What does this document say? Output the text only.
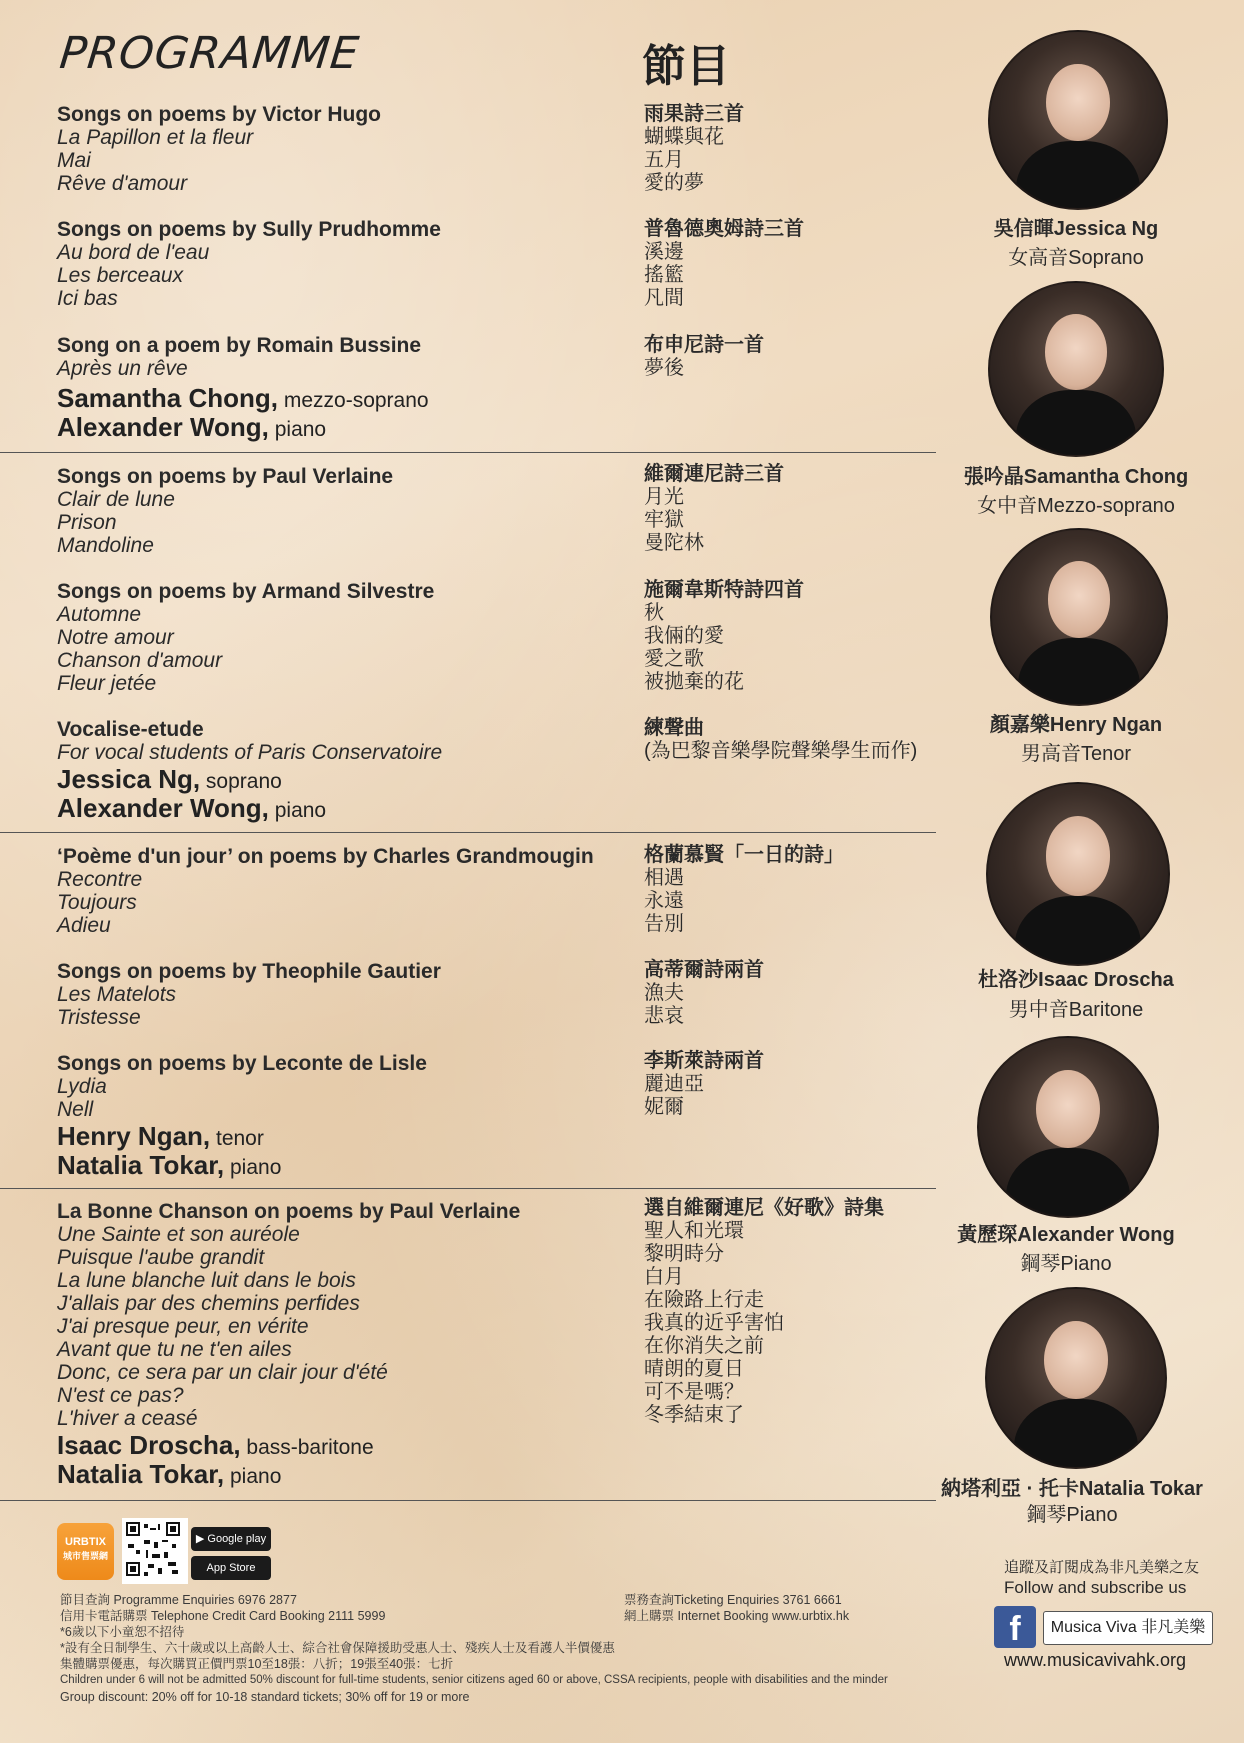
PROGRAMME	節目
Songs on poems by Victor Hugo
La Papillon et la fleur
Mai
Rêve d'amour
雨果詩三首
蝴蝶與花
五月
愛的夢
Songs on poems by Sully Prudhomme
Au bord de l'eau
Les berceaux
Ici bas
普魯德奧姆詩三首
溪邊
搖籃
凡間
Song on a poem by Romain Bussine
Après un rêve
布申尼詩一首
夢後
Samantha Chong, mezzo-soprano
Alexander Wong, piano
Songs on poems by Paul Verlaine
Clair de lune
Prison
Mandoline
維爾連尼詩三首
月光
牢獄
曼陀林
Songs on poems by Armand Silvestre
Automne
Notre amour
Chanson d'amour
Fleur jetée
施爾韋斯特詩四首
秋
我倆的愛
愛之歌
被拋棄的花
Vocalise-etude
For vocal students of Paris Conservatoire
練聲曲
(為巴黎音樂學院聲樂學生而作)
Jessica Ng, soprano
Alexander Wong, piano
‘Poème d'un jour’ on poems by Charles Grandmougin
Recontre
Toujours
Adieu
格蘭慕賢「一日的詩」
相遇
永遠
告別
Songs on poems by Theophile Gautier
Les Matelots
Tristesse
高蒂爾詩兩首
漁夫
悲哀
Songs on poems by Leconte de Lisle
Lydia
Nell
李斯萊詩兩首
麗迪亞
妮爾
Henry Ngan, tenor
Natalia Tokar, piano
La Bonne Chanson on poems by Paul Verlaine
Une Sainte et son auréole
Puisque l'aube grandit
La lune blanche luit dans le bois
J'allais par des chemins perfides
J'ai presque peur, en vérite
Avant que tu ne t'en ailes
Donc, ce sera par un clair jour d'été
N'est ce pas?
L'hiver a ceasé
選自維爾連尼《好歌》詩集
聖人和光環
黎明時分
白月
在險路上行走
我真的近乎害怕
在你消失之前
晴朗的夏日
可不是嗎？
冬季結束了
Isaac Droscha, bass-baritone
Natalia Tokar, piano
吳信暉Jessica Ng
女高音Soprano
張吟晶Samantha Chong
女中音Mezzo-soprano
顏嘉樂Henry Ngan
男高音Tenor
杜洛沙Isaac Droscha
男中音Baritone
黃歷琛Alexander Wong
鋼琴Piano
納塔利亞 · 托卡Natalia Tokar
鋼琴Piano
URBTIX
城市售票網
▶ Google play
App Store
節目查詢 Programme Enquiries 6976 2877
信用卡電話購票 Telephone Credit Card Booking 2111 5999
*6歲以下小童恕不招待
*設有全日制學生、六十歲或以上高齡人士、綜合社會保障援助受惠人士、殘疾人士及看護人半價優惠
集體購票優惠，每次購買正價門票10至18張：八折；19張至40張：七折
Children under 6 will not be admitted 50% discount for full-time students, senior citizens aged 60 or above, CSSA recipients, people with disabilities and the minder
Group discount: 20% off for 10-18 standard tickets; 30% off for 19 or more
票務查詢Ticketing Enquiries 3761 6661
網上購票 Internet Booking www.urbtix.hk
追蹤及訂閱成為非凡美樂之友
Follow and subscribe us
f	Musica Viva 非凡美樂
www.musicavivahk.org
